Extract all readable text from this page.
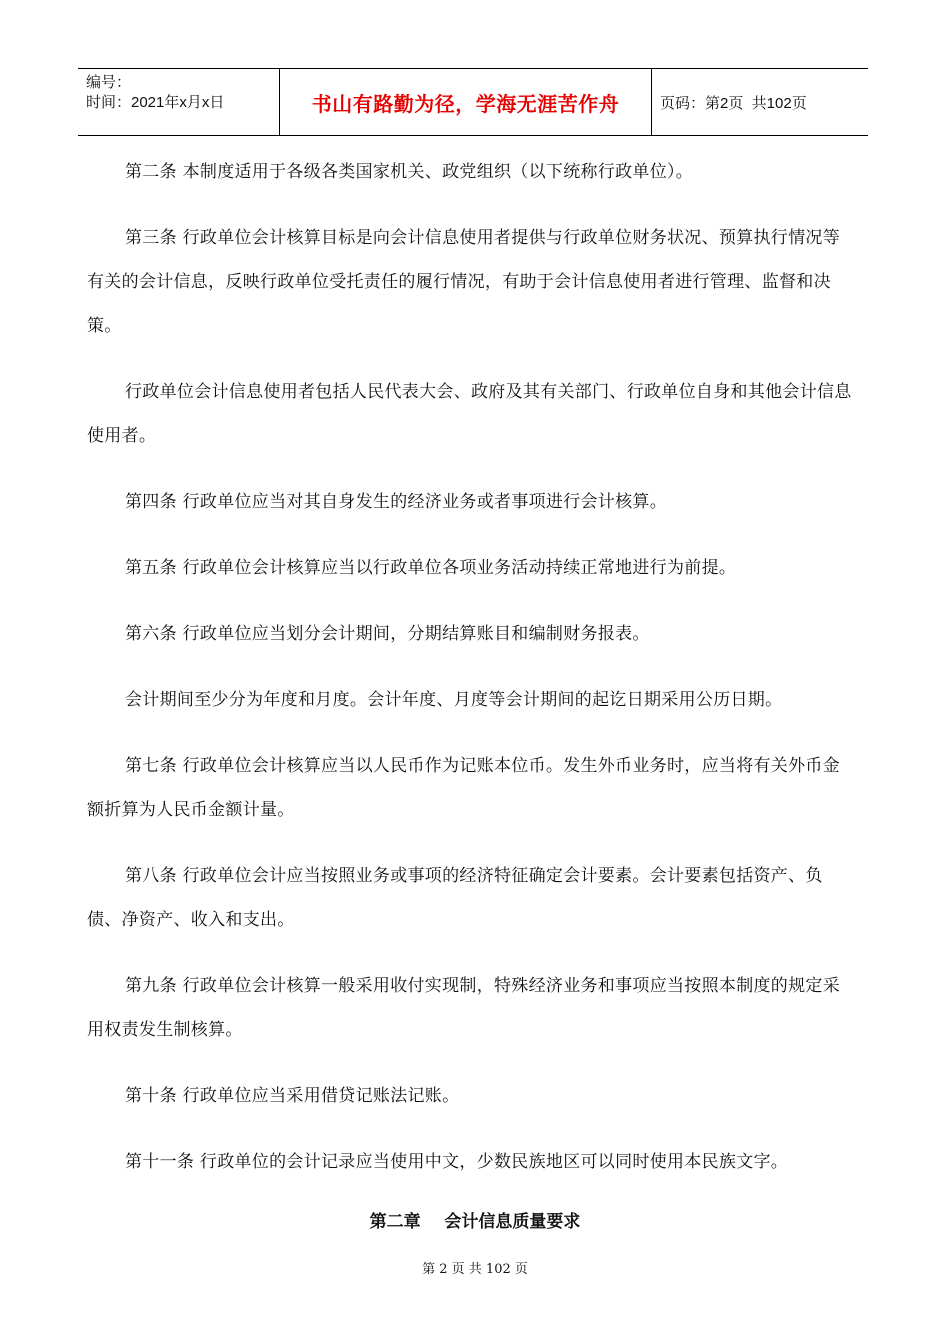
编号：
时间：2021年x月x日	书山有路勤为径，学海无涯苦作舟	页码：第2页  共102页

第二条 本制度适用于各级各类国家机关、政党组织（以下统称行政单位）。

第三条 行政单位会计核算目标是向会计信息使用者提供与行政单位财务状况、预算执行情况等有关的会计信息，反映行政单位受托责任的履行情况，有助于会计信息使用者进行管理、监督和决策。

行政单位会计信息使用者包括人民代表大会、政府及其有关部门、行政单位自身和其他会计信息使用者。

第四条 行政单位应当对其自身发生的经济业务或者事项进行会计核算。

第五条 行政单位会计核算应当以行政单位各项业务活动持续正常地进行为前提。

第六条 行政单位应当划分会计期间，分期结算账目和编制财务报表。

会计期间至少分为年度和月度。会计年度、月度等会计期间的起讫日期采用公历日期。

第七条 行政单位会计核算应当以人民币作为记账本位币。发生外币业务时，应当将有关外币金额折算为人民币金额计量。

第八条 行政单位会计应当按照业务或事项的经济特征确定会计要素。会计要素包括资产、负债、净资产、收入和支出。

第九条 行政单位会计核算一般采用收付实现制，特殊经济业务和事项应当按照本制度的规定采用权责发生制核算。

第十条 行政单位应当采用借贷记账法记账。

第十一条 行政单位的会计记录应当使用中文，少数民族地区可以同时使用本民族文字。

第二章    会计信息质量要求
第 2 页 共 102 页
